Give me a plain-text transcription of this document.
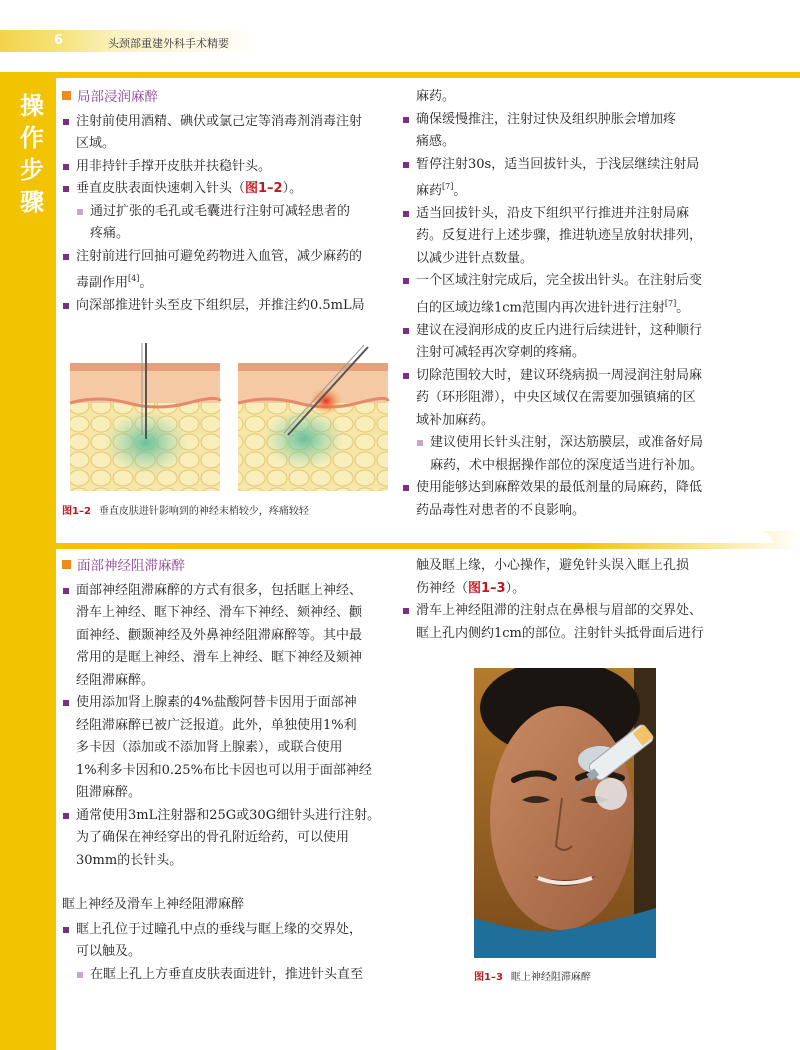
6	头颈部重建外科手术精要
操作步骤
局部浸润麻醉
注射前使用酒精、碘伏或氯己定等消毒剂消毒注射
区域。
用非持针手撑开皮肤并扶稳针头。
垂直皮肤表面快速刺入针头（图1–2）。
通过扩张的毛孔或毛囊进行注射可减轻患者的
疼痛。
注射前进行回抽可避免药物进入血管，减少麻药的
毒副作用[4]。
向深部推进针头至皮下组织层，并推注约0.5mL局
麻药。
确保缓慢推注，注射过快及组织肿胀会增加疼
痛感。
暂停注射30s，适当回拔针头，于浅层继续注射局
麻药[7]。
适当回拔针头，沿皮下组织平行推进并注射局麻
药。反复进行上述步骤，推进轨迹呈放射状排列，
以减少进针点数量。
一个区域注射完成后，完全拔出针头。在注射后变
白的区域边缘1cm范围内再次进针进行注射[7]。
建议在浸润形成的皮丘内进行后续进针，这种顺行
注射可减轻再次穿刺的疼痛。
切除范围较大时，建议环绕病损一周浸润注射局麻
药（环形阻滞），中央区域仅在需要加强镇痛的区
域补加麻药。
建议使用长针头注射，深达筋膜层，或准备好局
麻药，术中根据操作部位的深度适当进行补加。
使用能够达到麻醉效果的最低剂量的局麻药，降低
药品毒性对患者的不良影响。
图1–2 垂直皮肤进针影响到的神经末梢较少，疼痛较轻
面部神经阻滞麻醉
面部神经阻滞麻醉的方式有很多，包括眶上神经、
滑车上神经、眶下神经、滑车下神经、颏神经、颧
面神经、颧颞神经及外鼻神经阻滞麻醉等。其中最
常用的是眶上神经、滑车上神经、眶下神经及颏神
经阻滞麻醉。
使用添加肾上腺素的4%盐酸阿替卡因用于面部神
经阻滞麻醉已被广泛报道。此外，单独使用1%利
多卡因（添加或不添加肾上腺素），或联合使用
1%利多卡因和0.25%布比卡因也可以用于面部神经
阻滞麻醉。
通常使用3mL注射器和25G或30G细针头进行注射。
为了确保在神经穿出的骨孔附近给药，可以使用
30mm的长针头。
眶上神经及滑车上神经阻滞麻醉
眶上孔位于过瞳孔中点的垂线与眶上缘的交界处，
可以触及。
在眶上孔上方垂直皮肤表面进针，推进针头直至
触及眶上缘，小心操作，避免针头误入眶上孔损
伤神经（图1–3）。
滑车上神经阻滞的注射点在鼻根与眉部的交界处、
眶上孔内侧约1cm的部位。注射针头抵骨面后进行
图1–3 眶上神经阻滞麻醉
